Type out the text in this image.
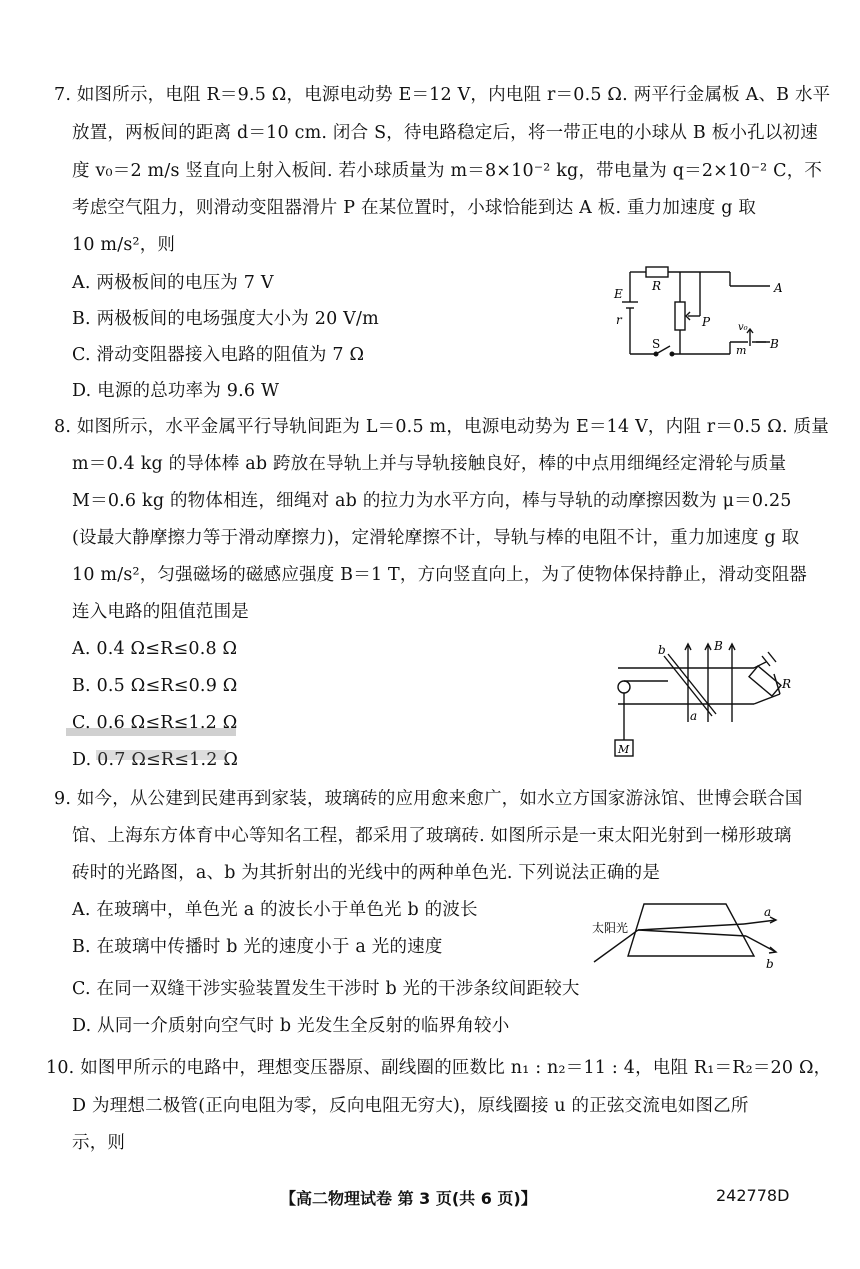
7. 如图所示，电阻 R＝9.5 Ω，电源电动势 E＝12 V，内电阻 r＝0.5 Ω. 两平行金属板 A、B 水平
放置，两板间的距离 d＝10 cm. 闭合 S，待电路稳定后，将一带正电的小球从 B 板小孔以初速
度 v₀＝2 m/s 竖直向上射入板间. 若小球质量为 m＝8×10⁻² kg，带电量为 q＝2×10⁻² C，不
考虑空气阻力，则滑动变阻器滑片 P 在某位置时，小球恰能到达 A 板. 重力加速度 g 取
10 m/s²，则
A. 两极板间的电压为 7 V
B. 两极板间的电场强度大小为 20 V/m
C. 滑动变阻器接入电路的阻值为 7 Ω
D. 电源的总功率为 9.6 W
R	A
B
E
r	P
S
v₀
m
8. 如图所示，水平金属平行导轨间距为 L＝0.5 m，电源电动势为 E＝14 V，内阻 r＝0.5 Ω. 质量
m＝0.4 kg 的导体棒 ab 跨放在导轨上并与导轨接触良好，棒的中点用细绳经定滑轮与质量
M＝0.6 kg 的物体相连，细绳对 ab 的拉力为水平方向，棒与导轨的动摩擦因数为 μ＝0.25
(设最大静摩擦力等于滑动摩擦力)，定滑轮摩擦不计，导轨与棒的电阻不计，重力加速度 g 取
10 m/s²，匀强磁场的磁感应强度 B＝1 T，方向竖直向上，为了使物体保持静止，滑动变阻器
连入电路的阻值范围是
A. 0.4 Ω≤R≤0.8 Ω
B. 0.5 Ω≤R≤0.9 Ω
C. 0.6 Ω≤R≤1.2 Ω
D. 0.7 Ω≤R≤1.2 Ω
b	B
R
a
M
9. 如今，从公建到民建再到家装，玻璃砖的应用愈来愈广，如水立方国家游泳馆、世博会联合国
馆、上海东方体育中心等知名工程，都采用了玻璃砖. 如图所示是一束太阳光射到一梯形玻璃
砖时的光路图，a、b 为其折射出的光线中的两种单色光. 下列说法正确的是
A. 在玻璃中，单色光 a 的波长小于单色光 b 的波长
B. 在玻璃中传播时 b 光的速度小于 a 光的速度
C. 在同一双缝干涉实验装置发生干涉时 b 光的干涉条纹间距较大
D. 从同一介质射向空气时 b 光发生全反射的临界角较小
太阳光
a
b
10. 如图甲所示的电路中，理想变压器原、副线圈的匝数比 n₁ : n₂＝11 : 4，电阻 R₁＝R₂＝20 Ω，
D 为理想二极管(正向电阻为零，反向电阻无穷大)，原线圈接 u 的正弦交流电如图乙所
示，则
【高二物理试卷 第 3 页(共 6 页)】	242778D
